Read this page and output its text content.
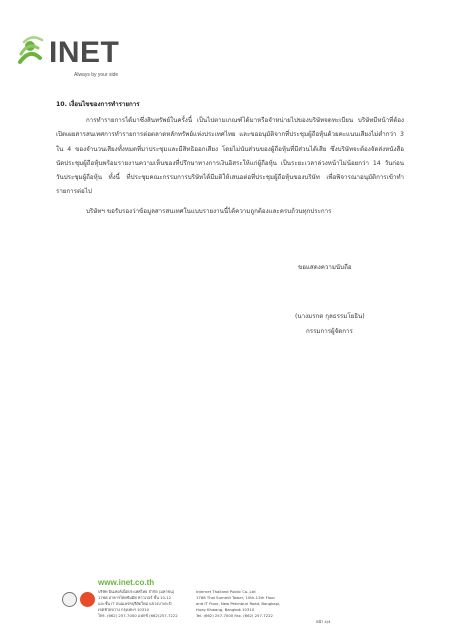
INET
Always by your side
10. เงื่อนไขของการทำรายการ

การทำรายการได้มาซึ่งสินทรัพย์ในครั้งนี้ เป็นไปตามเกณฑ์ได้มาหรือจำหน่ายไปของบริษัทจดทะเบียน บริษัทมีหน้าที่ต้องเปิดเผยสารสนเทศการทำรายการต่อตลาดหลักทรัพย์แห่งประเทศไทย และขออนุมัติจากที่ประชุมผู้ถือหุ้นด้วยคะแนนเสียงไม่ต่ำกว่า 3 ใน 4 ของจำนวนเสียงทั้งหมดที่มาประชุมและมีสิทธิออกเสียง โดยไม่นับส่วนของผู้ถือหุ้นที่มีส่วนได้เสีย ซึ่งบริษัทจะต้องจัดส่งหนังสือนัดประชุมผู้ถือหุ้นพร้อมรายงานความเห็นของที่ปรึกษาทางการเงินอิสระให้แก่ผู้ถือหุ้น เป็นระยะเวลาล่วงหน้าไม่น้อยกว่า 14 วันก่อนวันประชุมผู้ถือหุ้น ทั้งนี้ ที่ประชุมคณะกรรมการบริษัทได้มีมติให้เสนอต่อที่ประชุมผู้ถือหุ้นของบริษัท เพื่อพิจารณาอนุมัติการเข้าทำรายการต่อไป

บริษัทฯ ขอรับรองว่าข้อมูลสารสนเทศในแบบรายงานนี้ได้ความถูกต้องและครบถ้วนทุกประการ

ขอแสดงความนับถือ
(นางมรกต กุลธรรมโยธิน)
กรรมการผู้จัดการ
www.inet.co.th
บริษัท อินเทอร์เน็ตประเทศไทย จำกัด (มหาชน)
1768 อาคารไทยซัมมิท ทาวเวอร์ ชั้น 10-12
และชั้น IT ถนนเพชรบุรีตัดใหม่ แขวงบางกะปิ
เขตห้วยขวาง กรุงเทพฯ 10310
โทร. (662) 257-7000 แฟกซ์ (662)257-7222
Internet Thailand Public Co.,Ltd
1768 Thai Summit Tower, 10th-12th Floor
and IT Floor, New Petchburi Road, Bangkapi,
Huay Khwang, Bangkok 10310
Tel. (662) 257-7000 Fax. (662) 257-7222
หน้า 4/4
